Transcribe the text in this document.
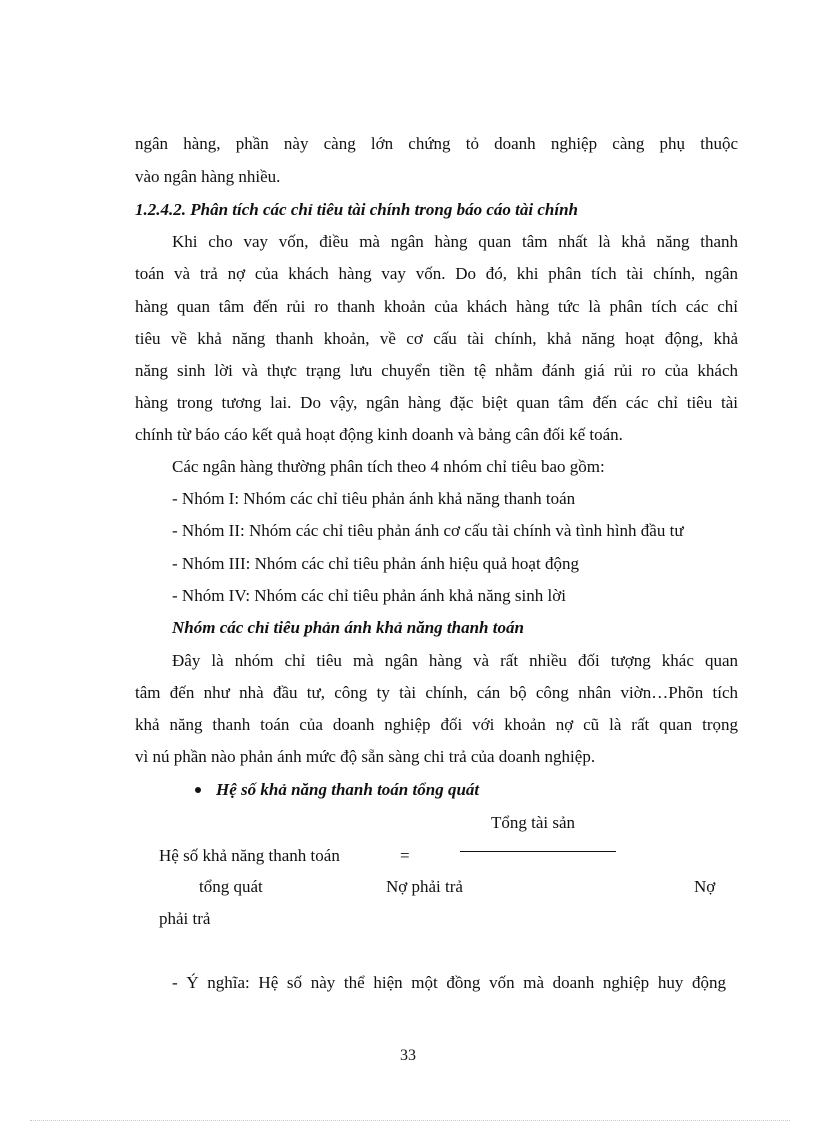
ngân hàng, phần này càng lớn chứng tỏ doanh nghiệp càng phụ thuộc
vào ngân hàng nhiều.
1.2.4.2. Phân tích các chỉ tiêu tài chính trong báo cáo tài chính
Khi cho vay vốn, điều mà ngân hàng quan tâm nhất là khả năng thanh
toán và trả nợ của khách hàng vay vốn. Do đó, khi phân tích tài chính, ngân
hàng quan tâm đến rủi ro thanh khoản của khách hàng tức là phân tích các chỉ
tiêu về khả năng thanh khoản, về cơ cấu tài chính, khả năng hoạt động, khả
năng sinh lời và thực trạng lưu chuyển tiền tệ nhằm đánh giá rủi ro của khách
hàng trong tương lai. Do vậy, ngân hàng đặc biệt quan tâm đến các chỉ tiêu tài
chính từ báo cáo kết quả hoạt động kinh doanh và bảng cân đối kế toán.
Các ngân hàng thường phân tích theo 4 nhóm chỉ tiêu bao gồm:
- Nhóm I: Nhóm các chỉ tiêu phản ánh khả năng thanh toán
- Nhóm II: Nhóm các chỉ tiêu phản ánh cơ cấu tài chính và tình hình đầu tư
- Nhóm III: Nhóm các chỉ tiêu phản ánh hiệu quả hoạt động
- Nhóm IV: Nhóm các chỉ tiêu phản ánh khả năng sinh lời
Nhóm các chỉ tiêu phản ánh khả năng thanh toán
Đây là nhóm chỉ tiêu mà ngân hàng và rất nhiều đối tượng khác quan
tâm đến như nhà đầu tư, công ty tài chính, cán bộ công nhân viờn…Phõn tích
khả năng thanh toán của doanh nghiệp đối với khoản nợ cũ là rất quan trọng
vì nú phần nào phản ánh mức độ sẵn sàng chi trả của doanh nghiệp.
Hệ số khả năng thanh toán tổng quát
Tổng tài sản
Hệ số khả năng thanh toán	=
tổng quát	Nợ phải trả	Nợ
phải trả
- Ý nghĩa: Hệ số này thể hiện một đồng vốn mà doanh nghiệp huy động
33
